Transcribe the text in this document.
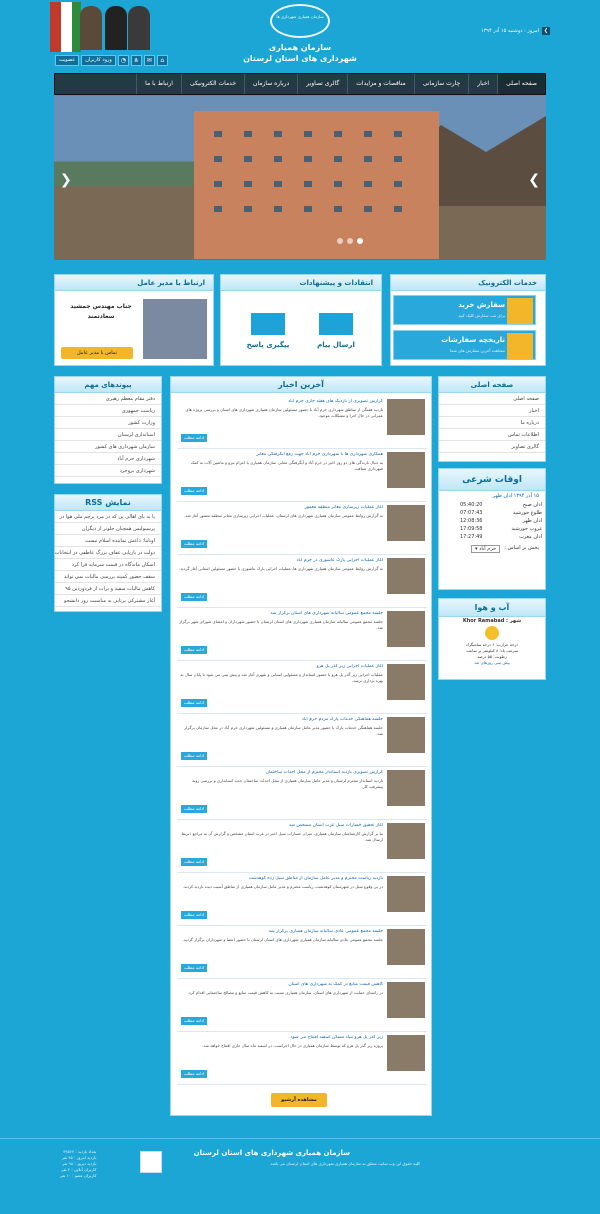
سازمان همیاری شهرداری ها
سازمان همیاری
شهرداری های استان لرستان
❯
امروز : دوشنبه ۱۵ آذر ۱۳۹۴
⌂
✉
⋔
◔
ورود کاربران
عضویت
صفحه اصلی
اخبار
چارت سازمانی
مناقصات و مزایدات
گالری تصاویر
درباره سازمان
خدمات الکترونیکی
ارتباط با ما
❮	❯
خدمات الکترونیک
سفارش خرید
برای ثبت سفارش کلیک کنید
تاریخچه سفارشات
مشاهده آخرین سفارش های شما
انتقادات و پیشنهادات
ارسال پیام
پیگیری پاسخ
ارتباط با مدیر عامل
جناب مهندس جمشید
سعادتمند
تماس با مدیر عامل
صفحه اصلی
صفحه اصلی
اخبار
درباره ما
اطلاعات تماس
گالری تصاویر
اوقات شرعی
۱۵ آذر ۱۳۹۴ اذان ظهر
اذان صبح	05:40:20
طلوع خورشید	07:07:43
اذان ظهر	12:08:36
غروب خورشید	17:09:58
اذان مغرب	17:27:49
پخش بر اساس :
خرم آباد ▾
آب و هوا
شهر : Khor Ramabad
درجه حرارت: ۶ درجه سانتیگراد
سرعت باد: ۸ کیلومتر بر ساعت
رطوبت: ۵۵ درصد
پیش بینی روزهای بعد
پیوندهای مهم
دفتر مقام معظم رهبری
ریاست جمهوری
وزارت کشور
استانداری لرستان
سازمان شهرداری های کشور
شهرداری خرم آباد
شهرداری بروجرد
نمایش RSS
پا به پای اهالی بن که در مرد پرچم ملی هوا در
پرسپولیس همچنان جلوتر از دیگران
اوباما: داعش نماینده اسلام نیست
دولت در بازیابی عفاف بزرگ عاطفی در انتخابات
اسکان ماندگاه در قیمت سرمایه فرا کرد
سقف حضور کمیته بررسی مالیات نمی تواند
کاهش مالیات سفید و برات از فردوردین ۹۵
آغاز مشترکی پرتابی به مناسبت روز دانشجو
آخرین اخبار
گزارش تصویری از بازدیگ های هفته جاری خرم آباد
بازدید هفتگی از مناطق شهرداری خرم آباد با حضور مسئولین سازمان همیاری شهرداری های استان و بررسی پروژه های عمرانی در حال اجرا و مشکلات موجود.
ادامه مطلب
همکاری شهرداری ها با شهرداری خرم آباد جهت رفع آبگرفتگی معابر
به دنبال بارندگی های دو روز اخیر در خرم آباد و آبگرفتگی معابر، سازمان همیاری با اعزام نیرو و ماشین آلات به کمک شهرداری شتافت.
ادامه مطلب
آغاز عملیات زیرسازی معابر منطقه معمور
به گزارش روابط عمومی سازمان همیاری شهرداری های لرستان، عملیات اجرایی زیرسازی معابر منطقه معمور آغاز شد.
ادامه مطلب
آغاز عملیات اجرایی پارک عاشوری در خرم آباد
به گزارش روابط عمومی سازمان همیاری شهرداری ها، عملیات اجرایی پارک عاشوری با حضور مسئولین استانی آغاز گردید.
ادامه مطلب
جلسه مجمع عمومی سالیانه شهرداری های استان برگزار شد
جلسه مجمع عمومی سالیانه سازمان همیاری شهرداری های استان لرستان با حضور شهرداران و اعضای شورای شهر برگزار شد.
ادامه مطلب
آغاز عملیات اجرایی زیر گذر پل هرو
عملیات اجرایی زیر گذر پل هرو با حضور استاندار و مسئولین استانی و شهری آغاز شد و پیش بینی می شود تا پایان سال به بهره برداری برسد.
ادامه مطلب
جلسه هماهنگی خدمات پارک مردم خرم آباد
جلسه هماهنگی خدمات پارک با حضور مدیر عامل سازمان همیاری و مسئولین شهرداری خرم آباد در محل سازمان برگزار شد.
ادامه مطلب
گزارش تصویری بازدید استاندار محترم از محل احداث ساختمان
بازدید استاندار محترم لرستان و مدیر عامل سازمان همیاری از محل احداث ساختمان جدید استانداری و بررسی روند پیشرفت کار.
ادامه مطلب
آغاز تحقیق خسارات سیل غرب استان مشخص شد
بنا بر گزارش کارشناسان سازمان همیاری، میزان خسارات سیل اخیر در غرب استان مشخص و گزارش آن به مراجع ذیربط ارسال شد.
ادامه مطلب
بازدید ریاست محترم و مدیر عامل سازمان از مناطق سیل زده کوهدشت
در پی وقوع سیل در شهرستان کوهدشت، ریاست محترم و مدیر عامل سازمان همیاری از مناطق آسیب دیده بازدید کردند.
ادامه مطلب
جلسه مجمع عمومی عادی سالیانه سازمان همیاری برگزار شد
جلسه مجمع عمومی عادی سالیانه سازمان همیاری شهرداری های استان لرستان با حضور اعضا و شهرداران برگزار گردید.
ادامه مطلب
کاهش قیمت منابع در کمک به شهرداری های استان
در راستای حمایت از شهرداری های استان، سازمان همیاری نسبت به کاهش قیمت منابع و مصالح ساختمانی اقدام کرد.
ادامه مطلب
زیر گذر پل هرو بنیاد مسکن اسفند افتتاح می شود
پروژه زیر گذر پل هرو که توسط سازمان همیاری در حال اجراست، در اسفند ماه سال جاری افتتاح خواهد شد.
ادامه مطلب
مشاهده آرشیو
سازمان همیاری شهرداری های استان لرستان
کلیه حقوق این وب سایت متعلق به سازمان همیاری شهرداری های استان لرستان می باشد
تعداد بازدید : ۳۴۵۶۷
بازدید امروز : ۴۵ نفر
بازدید دیروز : ۹۸ نفر
کاربران آنلاین : ۲ نفر
کاربران عضو : ۱۰ نفر
